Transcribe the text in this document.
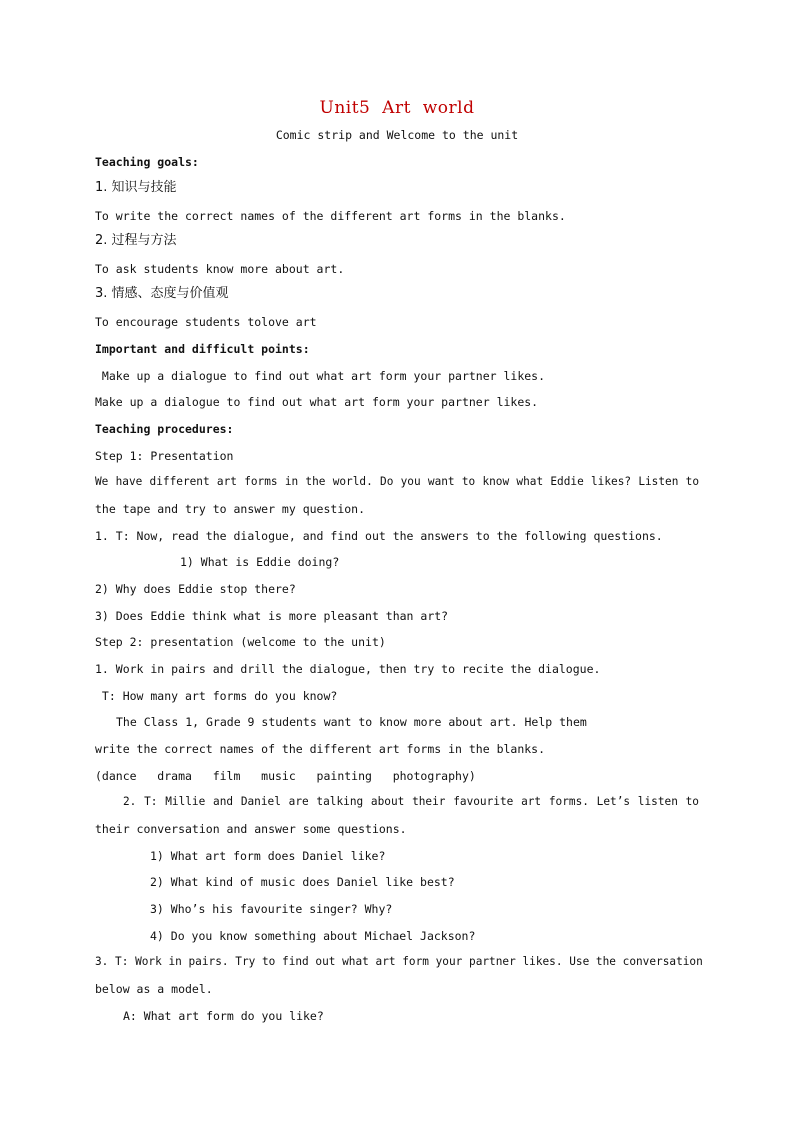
Unit5  Art  world
Comic strip and Welcome to the unit
Teaching goals:
1. 知识与技能
To write the correct names of the different art forms in the blanks.
2. 过程与方法
To ask students know more about art.
3. 情感、态度与价值观
To encourage students tolove art
Important and difficult points:
Make up a dialogue to find out what art form your partner likes.
Make up a dialogue to find out what art form your partner likes.
Teaching procedures:
Step 1: Presentation
We have different art forms in the world. Do you want to know what Eddie likes? Listen to
the tape and try to answer my question.
1. T: Now, read the dialogue, and find out the answers to the following questions.
1) What is Eddie doing?
2) Why does Eddie stop there?
3) Does Eddie think what is more pleasant than art?
Step 2: presentation (welcome to the unit)
1. Work in pairs and drill the dialogue, then try to recite the dialogue.
T: How many art forms do you know?
The Class 1, Grade 9 students want to know more about art. Help them
write the correct names of the different art forms in the blanks.
(dance   drama   film   music   painting   photography)
2. T: Millie and Daniel are talking about their favourite art forms. Let’s listen to
their conversation and answer some questions.
1) What art form does Daniel like?
2) What kind of music does Daniel like best?
3) Who’s his favourite singer? Why?
4) Do you know something about Michael Jackson?
3. T: Work in pairs. Try to find out what art form your partner likes. Use the conversation
below as a model.
A: What art form do you like?
